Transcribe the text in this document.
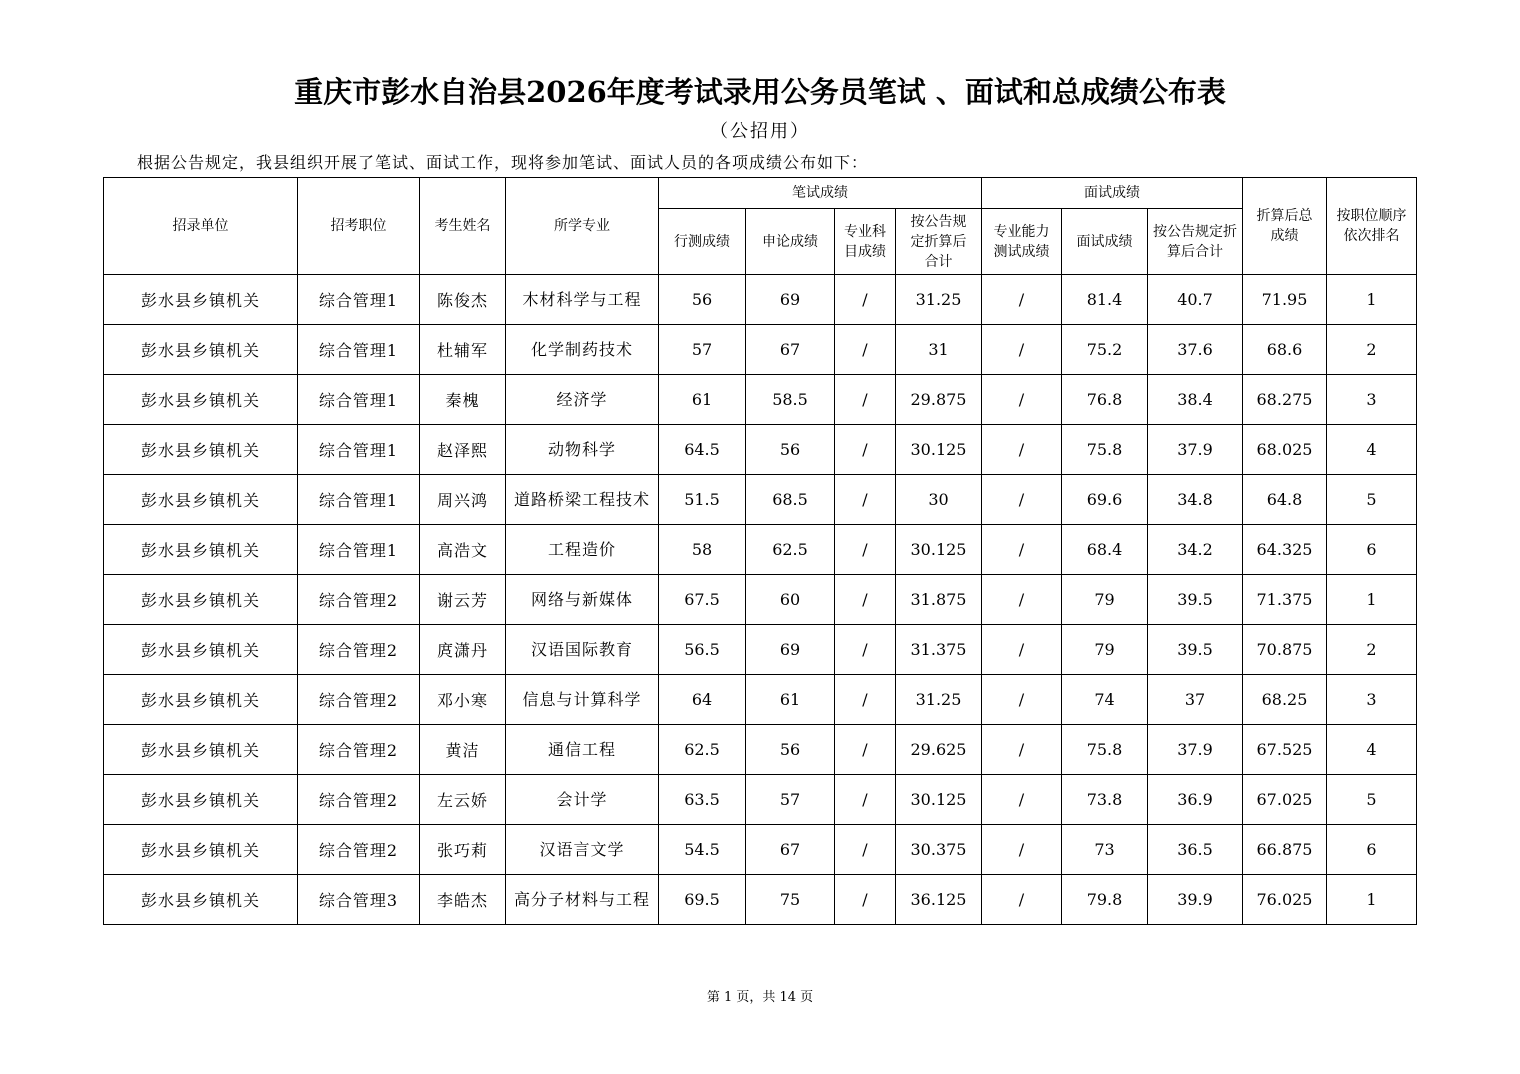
重庆市彭水自治县2026年度考试录用公务员笔试 、面试和总成绩公布表
（公招用）
根据公告规定，我县组织开展了笔试、面试工作，现将参加笔试、面试人员的各项成绩公布如下：
招录单位	招考职位	考生姓名	所学专业	笔试成绩				面试成绩			折算后总成绩	按职位顺序依次排名
				行测成绩	申论成绩	专业科目成绩	按公告规定折算后合计	专业能力测试成绩	面试成绩	按公告规定折算后合计		
彭水县乡镇机关	综合管理1	陈俊杰	木材科学与工程	56	69	/	31.25	/	81.4	40.7	71.95	1
彭水县乡镇机关	综合管理1	杜辅军	化学制药技术	57	67	/	31	/	75.2	37.6	68.6	2
彭水县乡镇机关	综合管理1	秦槐	经济学	61	58.5	/	29.875	/	76.8	38.4	68.275	3
彭水县乡镇机关	综合管理1	赵泽熙	动物科学	64.5	56	/	30.125	/	75.8	37.9	68.025	4
彭水县乡镇机关	综合管理1	周兴鸿	道路桥梁工程技术	51.5	68.5	/	30	/	69.6	34.8	64.8	5
彭水县乡镇机关	综合管理1	高浩文	工程造价	58	62.5	/	30.125	/	68.4	34.2	64.325	6
彭水县乡镇机关	综合管理2	谢云芳	网络与新媒体	67.5	60	/	31.875	/	79	39.5	71.375	1
彭水县乡镇机关	综合管理2	庹潇丹	汉语国际教育	56.5	69	/	31.375	/	79	39.5	70.875	2
彭水县乡镇机关	综合管理2	邓小寒	信息与计算科学	64	61	/	31.25	/	74	37	68.25	3
彭水县乡镇机关	综合管理2	黄洁	通信工程	62.5	56	/	29.625	/	75.8	37.9	67.525	4
彭水县乡镇机关	综合管理2	左云娇	会计学	63.5	57	/	30.125	/	73.8	36.9	67.025	5
彭水县乡镇机关	综合管理2	张巧莉	汉语言文学	54.5	67	/	30.375	/	73	36.5	66.875	6
彭水县乡镇机关	综合管理3	李皓杰	高分子材料与工程	69.5	75	/	36.125	/	79.8	39.9	76.025	1
第 1 页，共 14 页
